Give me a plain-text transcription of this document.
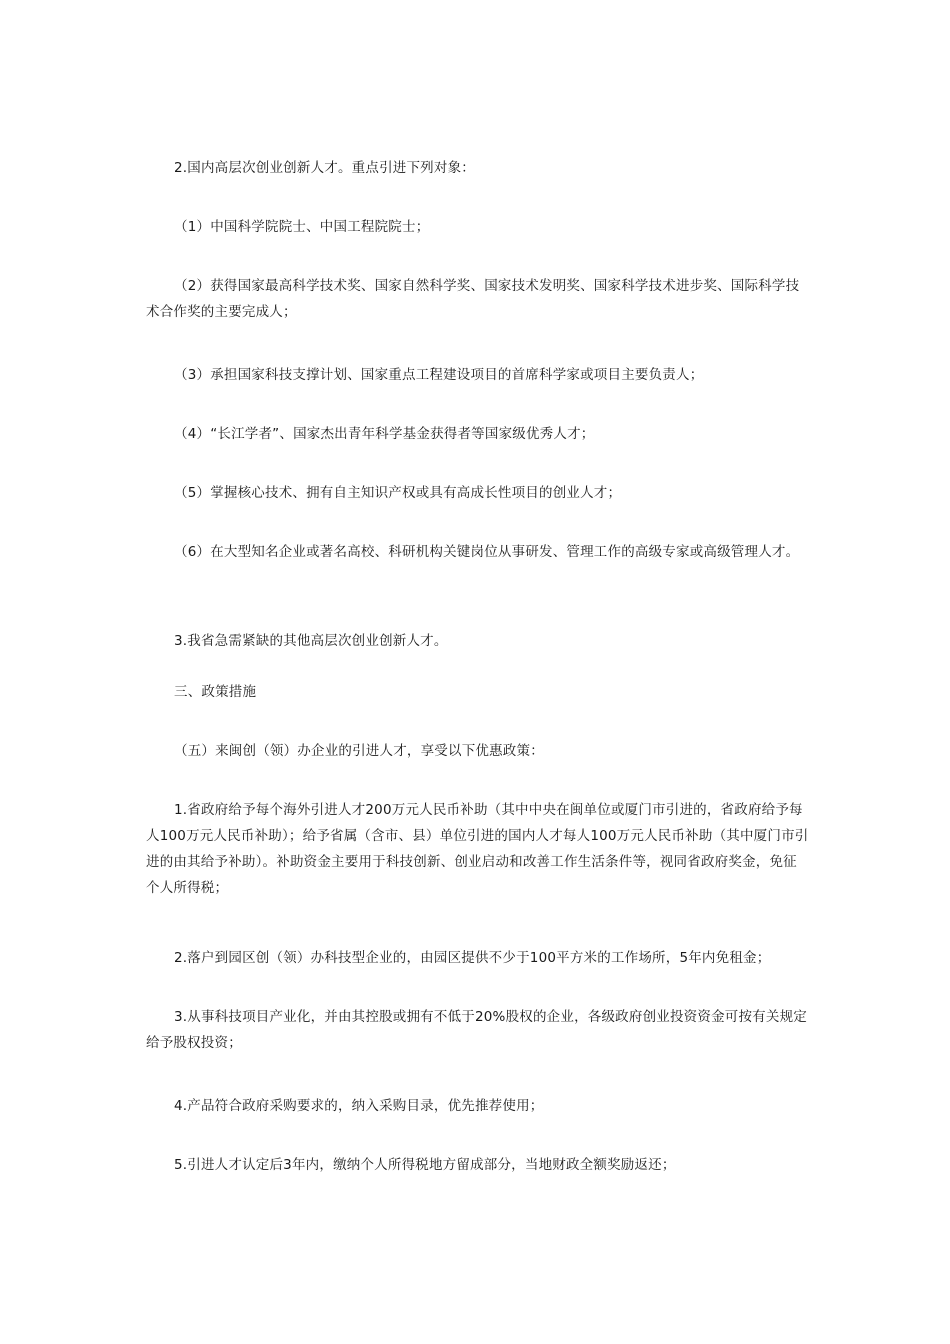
2.国内高层次创业创新人才。重点引进下列对象：

（1）中国科学院院士、中国工程院院士；

（2）获得国家最高科学技术奖、国家自然科学奖、国家技术发明奖、国家科学技术进步奖、国际科学技术合作奖的主要完成人；

（3）承担国家科技支撑计划、国家重点工程建设项目的首席科学家或项目主要负责人；

（4）“长江学者”、国家杰出青年科学基金获得者等国家级优秀人才；

（5）掌握核心技术、拥有自主知识产权或具有高成长性项目的创业人才；

（6）在大型知名企业或著名高校、科研机构关键岗位从事研发、管理工作的高级专家或高级管理人才。

3.我省急需紧缺的其他高层次创业创新人才。

三、政策措施

（五）来闽创（领）办企业的引进人才，享受以下优惠政策：

1.省政府给予每个海外引进人才200万元人民币补助（其中中央在闽单位或厦门市引进的，省政府给予每人100万元人民币补助）；给予省属（含市、县）单位引进的国内人才每人100万元人民币补助（其中厦门市引进的由其给予补助）。补助资金主要用于科技创新、创业启动和改善工作生活条件等，视同省政府奖金，免征个人所得税；

2.落户到园区创（领）办科技型企业的，由园区提供不少于100平方米的工作场所，5年内免租金；

3.从事科技项目产业化，并由其控股或拥有不低于20%股权的企业，各级政府创业投资资金可按有关规定给予股权投资；

4.产品符合政府采购要求的，纳入采购目录，优先推荐使用；

5.引进人才认定后3年内，缴纳个人所得税地方留成部分，当地财政全额奖励返还；
